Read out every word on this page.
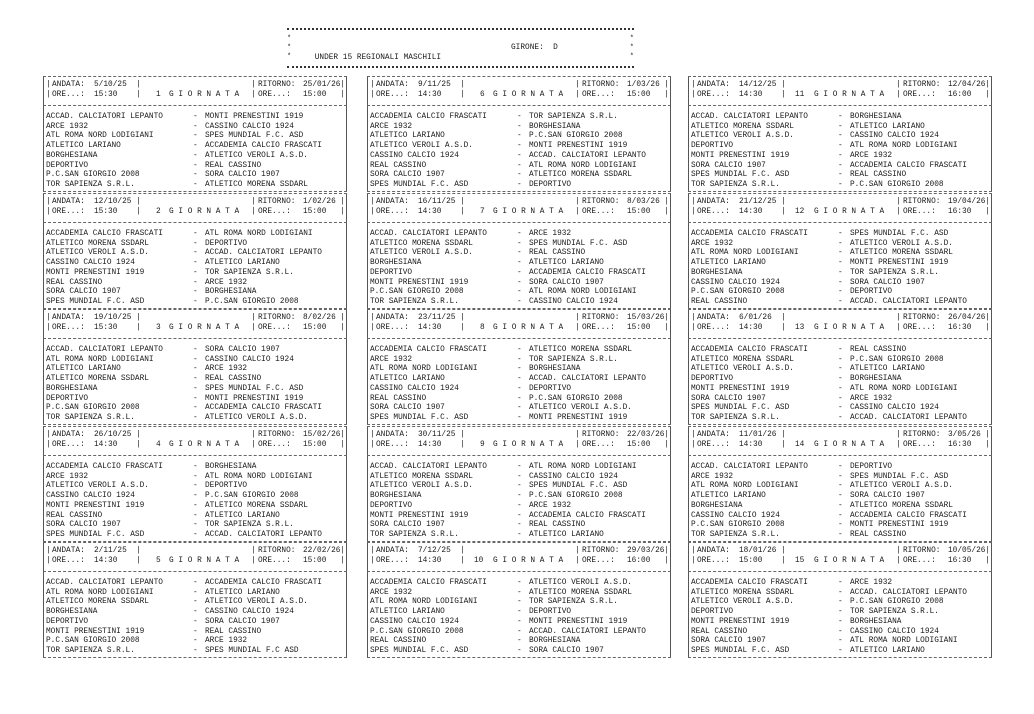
*
*
*
*
*
*

UNDER 15 REGIONALI MASCHILI

GIRONE: D

| ANDATA: 5/10/25 |	| RITORNO: 25/01/26 |
| ORE...: 15:30 | 1 G I O R N A T A | ORE...: 15:00 |
ACCAD. CALCIATORI LEPANTO	- MONTI PRENESTINI 1919
ARCE 1932	- CASSINO CALCIO 1924
ATL ROMA NORD LODIGIANI	- SPES MUNDIAL F.C. ASD
ATLETICO LARIANO	- ACCADEMIA CALCIO FRASCATI
BORGHESIANA	- ATLETICO VEROLI A.S.D.
DEPORTIVO	- REAL CASSINO
P.C.SAN GIORGIO 2008	- SORA CALCIO 1907
TOR SAPIENZA S.R.L.	- ATLETICO MORENA SSDARL
| ANDATA: 9/11/25 |	| RITORNO: 1/03/26 |
| ORE...: 14:30 | 6 G I O R N A T A | ORE...: 15:00 |
ACCADEMIA CALCIO FRASCATI	- TOR SAPIENZA S.R.L.
ARCE 1932	- BORGHESIANA
ATLETICO LARIANO	- P.C.SAN GIORGIO 2008
ATLETICO VEROLI A.S.D.	- MONTI PRENESTINI 1919
CASSINO CALCIO 1924	- ACCAD. CALCIATORI LEPANTO
REAL CASSINO	- ATL ROMA NORD LODIGIANI
SORA CALCIO 1907	- ATLETICO MORENA SSDARL
SPES MUNDIAL F.C. ASD	- DEPORTIVO
| ANDATA: 14/12/25 |	| RITORNO: 12/04/26 |
| ORE...: 14:30 | 11 G I O R N A T A | ORE...: 16:00 |
ACCAD. CALCIATORI LEPANTO	- BORGHESIANA
ATLETICO MORENA SSDARL	- ATLETICO LARIANO
ATLETICO VEROLI A.S.D.	- CASSINO CALCIO 1924
DEPORTIVO	- ATL ROMA NORD LODIGIANI
MONTI PRENESTINI 1919	- ARCE 1932
SORA CALCIO 1907	- ACCADEMIA CALCIO FRASCATI
SPES MUNDIAL F.C. ASD	- REAL CASSINO
TOR SAPIENZA S.R.L.	- P.C.SAN GIORGIO 2008
| ANDATA: 12/10/25 |	| RITORNO: 1/02/26 |
| ORE...: 15:30 | 2 G I O R N A T A | ORE...: 15:00 |
ACCADEMIA CALCIO FRASCATI	- ATL ROMA NORD LODIGIANI
ATLETICO MORENA SSDARL	- DEPORTIVO
ATLETICO VEROLI A.S.D.	- ACCAD. CALCIATORI LEPANTO
CASSINO CALCIO 1924	- ATLETICO LARIANO
MONTI PRENESTINI 1919	- TOR SAPIENZA S.R.L.
REAL CASSINO	- ARCE 1932
SORA CALCIO 1907	- BORGHESIANA
SPES MUNDIAL F.C. ASD	- P.C.SAN GIORGIO 2008
| ANDATA: 16/11/25 |	| RITORNO: 8/03/26 |
| ORE...: 14:30 | 7 G I O R N A T A | ORE...: 15:00 |
ACCAD. CALCIATORI LEPANTO	- ARCE 1932
ATLETICO MORENA SSDARL	- SPES MUNDIAL F.C. ASD
ATLETICO VEROLI A.S.D.	- REAL CASSINO
BORGHESIANA	- ATLETICO LARIANO
DEPORTIVO	- ACCADEMIA CALCIO FRASCATI
MONTI PRENESTINI 1919	- SORA CALCIO 1907
P.C.SAN GIORGIO 2008	- ATL ROMA NORD LODIGIANI
TOR SAPIENZA S.R.L.	- CASSINO CALCIO 1924
| ANDATA: 21/12/25 |	| RITORNO: 19/04/26 |
| ORE...: 14:30 | 12 G I O R N A T A | ORE...: 16:30 |
ACCADEMIA CALCIO FRASCATI	- SPES MUNDIAL F.C. ASD
ARCE 1932	- ATLETICO VEROLI A.S.D.
ATL ROMA NORD LODIGIANI	- ATLETICO MORENA SSDARL
ATLETICO LARIANO	- MONTI PRENESTINI 1919
BORGHESIANA	- TOR SAPIENZA S.R.L.
CASSINO CALCIO 1924	- SORA CALCIO 1907
P.C.SAN GIORGIO 2008	- DEPORTIVO
REAL CASSINO	- ACCAD. CALCIATORI LEPANTO
| ANDATA: 19/10/25 |	| RITORNO: 8/02/26 |
| ORE...: 15:30 | 3 G I O R N A T A | ORE...: 15:00 |
ACCAD. CALCIATORI LEPANTO	- SORA CALCIO 1907
ATL ROMA NORD LODIGIANI	- CASSINO CALCIO 1924
ATLETICO LARIANO	- ARCE 1932
ATLETICO MORENA SSDARL	- REAL CASSINO
BORGHESIANA	- SPES MUNDIAL F.C. ASD
DEPORTIVO	- MONTI PRENESTINI 1919
P.C.SAN GIORGIO 2008	- ACCADEMIA CALCIO FRASCATI
TOR SAPIENZA S.R.L.	- ATLETICO VEROLI A.S.D.
| ANDATA: 23/11/25 |	| RITORNO: 15/03/26 |
| ORE...: 14:30 | 8 G I O R N A T A | ORE...: 15:00 |
ACCADEMIA CALCIO FRASCATI	- ATLETICO MORENA SSDARL
ARCE 1932	- TOR SAPIENZA S.R.L.
ATL ROMA NORD LODIGIANI	- BORGHESIANA
ATLETICO LARIANO	- ACCAD. CALCIATORI LEPANTO
CASSINO CALCIO 1924	- DEPORTIVO
REAL CASSINO	- P.C.SAN GIORGIO 2008
SORA CALCIO 1907	- ATLETICO VEROLI A.S.D.
SPES MUNDIAL F.C. ASD	- MONTI PRENESTINI 1919
| ANDATA: 6/01/26 |	| RITORNO: 26/04/26 |
| ORE...: 14:30 | 13 G I O R N A T A | ORE...: 16:30 |
ACCADEMIA CALCIO FRASCATI	- REAL CASSINO
ATLETICO MORENA SSDARL	- P.C.SAN GIORGIO 2008
ATLETICO VEROLI A.S.D.	- ATLETICO LARIANO
DEPORTIVO	- BORGHESIANA
MONTI PRENESTINI 1919	- ATL ROMA NORD LODIGIANI
SORA CALCIO 1907	- ARCE 1932
SPES MUNDIAL F.C. ASD	- CASSINO CALCIO 1924
TOR SAPIENZA S.R.L.	- ACCAD. CALCIATORI LEPANTO
| ANDATA: 26/10/25 |	| RITORNO: 15/02/26 |
| ORE...: 14:30 | 4 G I O R N A T A | ORE...: 15:00 |
ACCADEMIA CALCIO FRASCATI	- BORGHESIANA
ARCE 1932	- ATL ROMA NORD LODIGIANI
ATLETICO VEROLI A.S.D.	- DEPORTIVO
CASSINO CALCIO 1924	- P.C.SAN GIORGIO 2008
MONTI PRENESTINI 1919	- ATLETICO MORENA SSDARL
REAL CASSINO	- ATLETICO LARIANO
SORA CALCIO 1907	- TOR SAPIENZA S.R.L.
SPES MUNDIAL F.C. ASD	- ACCAD. CALCIATORI LEPANTO
| ANDATA: 30/11/25 |	| RITORNO: 22/03/26 |
| ORE...: 14:30 | 9 G I O R N A T A | ORE...: 15:00 |
ACCAD. CALCIATORI LEPANTO	- ATL ROMA NORD LODIGIANI
ATLETICO MORENA SSDARL	- CASSINO CALCIO 1924
ATLETICO VEROLI A.S.D.	- SPES MUNDIAL F.C. ASD
BORGHESIANA	- P.C.SAN GIORGIO 2008
DEPORTIVO	- ARCE 1932
MONTI PRENESTINI 1919	- ACCADEMIA CALCIO FRASCATI
SORA CALCIO 1907	- REAL CASSINO
TOR SAPIENZA S.R.L.	- ATLETICO LARIANO
| ANDATA: 11/01/26 |	| RITORNO: 3/05/26 |
| ORE...: 14:30 | 14 G I O R N A T A | ORE...: 16:30 |
ACCAD. CALCIATORI LEPANTO	- DEPORTIVO
ARCE 1932	- SPES MUNDIAL F.C. ASD
ATL ROMA NORD LODIGIANI	- ATLETICO VEROLI A.S.D.
ATLETICO LARIANO	- SORA CALCIO 1907
BORGHESIANA	- ATLETICO MORENA SSDARL
CASSINO CALCIO 1924	- ACCADEMIA CALCIO FRASCATI
P.C.SAN GIORGIO 2008	- MONTI PRENESTINI 1919
TOR SAPIENZA S.R.L.	- REAL CASSINO
| ANDATA: 2/11/25 |	| RITORNO: 22/02/26 |
| ORE...: 14:30 | 5 G I O R N A T A | ORE...: 15:00 |
ACCAD. CALCIATORI LEPANTO	- ACCADEMIA CALCIO FRASCATI
ATL ROMA NORD LODIGIANI	- ATLETICO LARIANO
ATLETICO MORENA SSDARL	- ATLETICO VEROLI A.S.D.
BORGHESIANA	- CASSINO CALCIO 1924
DEPORTIVO	- SORA CALCIO 1907
MONTI PRENESTINI 1919	- REAL CASSINO
P.C.SAN GIORGIO 2008	- ARCE 1932
TOR SAPIENZA S.R.L.	- SPES MUNDIAL F.C ASD
| ANDATA: 7/12/25 |	| RITORNO: 29/03/26 |
| ORE...: 14:30 | 10 G I O R N A T A | ORE...: 16:00 |
ACCADEMIA CALCIO FRASCATI	- ATLETICO VEROLI A.S.D.
ARCE 1932	- ATLETICO MORENA SSDARL
ATL ROMA NORD LODIGIANI	- TOR SAPIENZA S.R.L.
ATLETICO LARIANO	- DEPORTIVO
CASSINO CALCIO 1924	- MONTI PRENESTINI 1919
P.C.SAN GIORGIO 2008	- ACCAD. CALCIATORI LEPANTO
REAL CASSINO	- BORGHESIANA
SPES MUNDIAL F.C. ASD	- SORA CALCIO 1907
| ANDATA: 18/01/26 |	| RITORNO: 10/05/26 |
| ORE...: 15:00 | 15 G I O R N A T A | ORE...: 16:30 |
ACCADEMIA CALCIO FRASCATI	- ARCE 1932
ATLETICO MORENA SSDARL	- ACCAD. CALCIATORI LEPANTO
ATLETICO VEROLI A.S.D.	- P.C.SAN GIORGIO 2008
DEPORTIVO	- TOR SAPIENZA S.R.L.
MONTI PRENESTINI 1919	- BORGHESIANA
REAL CASSINO	- CASSINO CALCIO 1924
SORA CALCIO 1907	- ATL ROMA NORD LODIGIANI
SPES MUNDIAL F.C. ASD	- ATLETICO LARIANO
